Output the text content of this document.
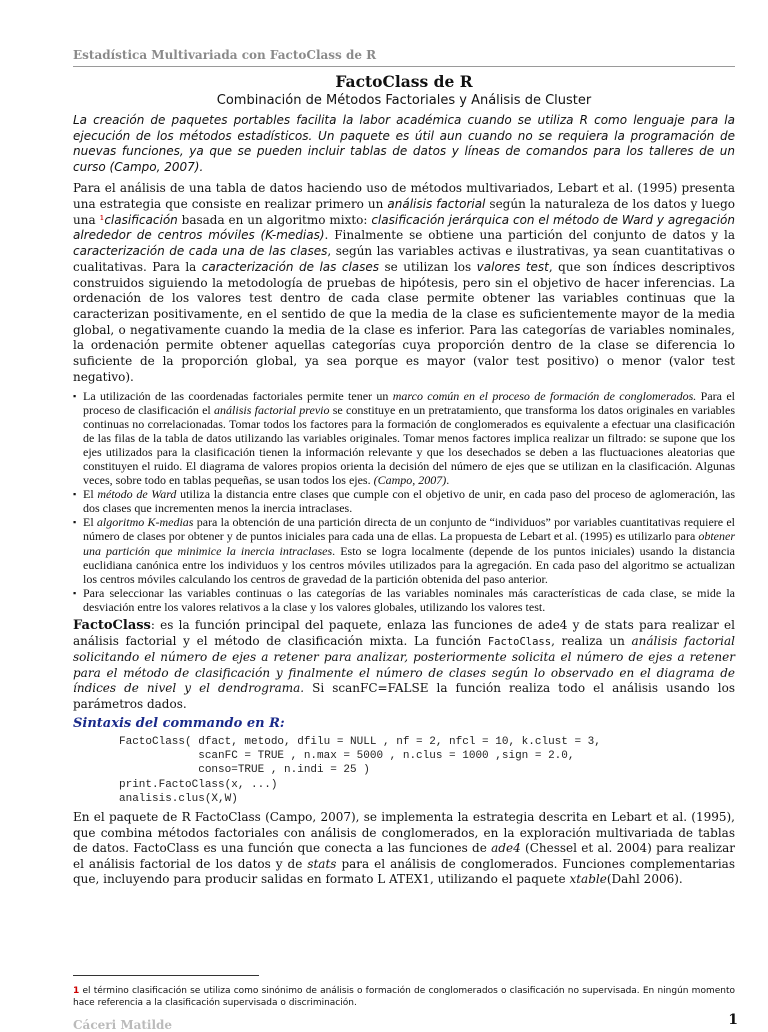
Estadística Multivariada con FactoClass de R
FactoClass de R
Combinación de Métodos Factoriales y Análisis de Cluster

La creación de paquetes portables facilita la labor académica cuando se utiliza R como lenguaje para la ejecución de los métodos estadísticos. Un paquete es útil aun cuando no se requiera la programación de nuevas funciones, ya que se pueden incluir tablas de datos y líneas de comandos para los talleres de un curso (Campo, 2007).

Para el análisis de una tabla de datos haciendo uso de métodos multivariados, Lebart et al. (1995) presenta una estrategia que consiste en realizar primero un análisis factorial según la naturaleza de los datos y luego una ¹clasificación basada en un algoritmo mixto: clasificación jerárquica con el método de Ward y agregación alrededor de centros móviles (K-medias). Finalmente se obtiene una partición del conjunto de datos y la caracterización de cada una de las clases, según las variables activas e ilustrativas, ya sean cuantitativas o cualitativas. Para la caracterización de las clases se utilizan los valores test, que son índices descriptivos construidos siguiendo la metodología de pruebas de hipótesis, pero sin el objetivo de hacer inferencias. La ordenación de los valores test dentro de cada clase permite obtener las variables continuas que la caracterizan positivamente, en el sentido de que la media de la clase es suficientemente mayor de la media global, o negativamente cuando la media de la clase es inferior. Para las categorías de variables nominales, la ordenación permite obtener aquellas categorías cuya proporción dentro de la clase se diferencia lo suficiente de la proporción global, ya sea porque es mayor (valor test positivo) o menor (valor test negativo).

▪ La utilización de las coordenadas factoriales permite tener un marco común en el proceso de formación de conglomerados. Para el proceso de clasificación el análisis factorial previo se constituye en un pretratamiento, que transforma los datos originales en variables continuas no correlacionadas. Tomar todos los factores para la formación de conglomerados es equivalente a efectuar una clasificación de las filas de la tabla de datos utilizando las variables originales. Tomar menos factores implica realizar un filtrado: se supone que los ejes utilizados para la clasificación tienen la información relevante y que los desechados se deben a las fluctuaciones aleatorias que constituyen el ruido. El diagrama de valores propios orienta la decisión del número de ejes que se utilizan en la clasificación. Algunas veces, sobre todo en tablas pequeñas, se usan todos los ejes. (Campo, 2007).
▪ El método de Ward utiliza la distancia entre clases que cumple con el objetivo de unir, en cada paso del proceso de aglomeración, las dos clases que incrementen menos la inercia intraclases.
▪ El algoritmo K-medias para la obtención de una partición directa de un conjunto de “individuos” por variables cuantitativas requiere el número de clases por obtener y de puntos iniciales para cada una de ellas. La propuesta de Lebart et al. (1995) es utilizarlo para obtener una partición que minimice la inercia intraclases. Esto se logra localmente (depende de los puntos iniciales) usando la distancia euclidiana canónica entre los individuos y los centros móviles utilizados para la agregación. En cada paso del algoritmo se actualizan los centros móviles calculando los centros de gravedad de la partición obtenida del paso anterior.
▪ Para seleccionar las variables continuas o las categorías de las variables nominales más características de cada clase, se mide la desviación entre los valores relativos a la clase y los valores globales, utilizando los valores test.

FactoClass: es la función principal del paquete, enlaza las funciones de ade4 y de stats para realizar el análisis factorial y el método de clasificación mixta. La función FactoClass, realiza un análisis factorial solicitando el número de ejes a retener para analizar, posteriormente solicita el número de ejes a retener para el método de clasificación y finalmente el número de clases según lo observado en el diagrama de índices de nivel y el dendrograma. Si scanFC=FALSE la función realiza todo el análisis usando los parámetros dados.

Sintaxis del commando en R:
FactoClass( dfact, metodo, dfilu = NULL , nf = 2, nfcl = 10, k.clust = 3,
scanFC = TRUE , n.max = 5000 , n.clus = 1000 ,sign = 2.0,
conso=TRUE , n.indi = 25 )
print.FactoClass(x, ...)
analisis.clus(X,W)

En el paquete de R FactoClass (Campo, 2007), se implementa la estrategia descrita en Lebart et al. (1995), que combina métodos factoriales con análisis de conglomerados, en la exploración multivariada de tablas de datos. FactoClass es una función que conecta a las funciones de ade4 (Chessel et al. 2004) para realizar el análisis factorial de los datos y de stats para el análisis de conglomerados. Funciones complementarias que, incluyendo para producir salidas en formato L ATEX1, utilizando el paquete xtable(Dahl 2006).

1 el término clasificación se utiliza como sinónimo de análisis o formación de conglomerados o clasificación no supervisada. En ningún momento hace referencia a la clasificación supervisada o discriminación.
Cáceri Matilde	1
